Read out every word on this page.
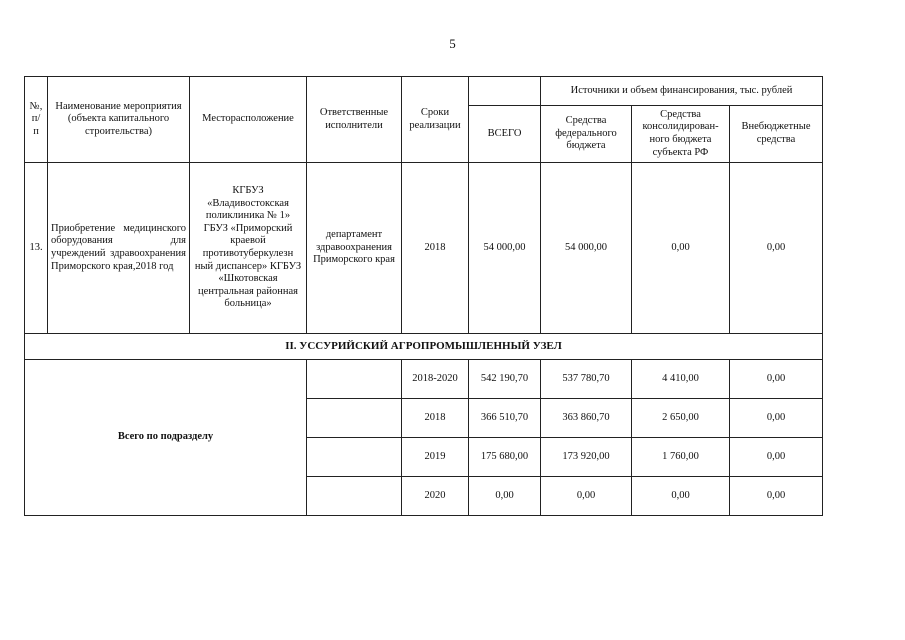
5
№,
п/
п	Наименование мероприятия (объекта капитального строительства)	Месторасположение	Ответственные исполнители	Сроки реализации		Источники и объем финансирования, тыс. рублей		
					ВСЕГО	Средства федерального бюджета	Средства консолидирован-ного бюджета субъекта РФ	Внебюджетные средства
13.	Приобретение медицинского оборудования для учреждений здравоохранения Приморского края,2018 год	КГБУЗ «Владивостокская поликлиника № 1» ГБУЗ «Приморский краевой противотуберкулезн ный диспансер» КГБУЗ «Шкотовская центральная районная больница»	департамент здравоохранения Приморского края	2018	54 000,00	54 000,00	0,00	0,00
II. УССУРИЙСКИЙ АГРОПРОМЫШЛЕННЫЙ УЗЕЛ								
Всего по подразделу				2018-2020	542 190,70	537 780,70	4 410,00	0,00
				2018	366 510,70	363 860,70	2 650,00	0,00
				2019	175 680,00	173 920,00	1 760,00	0,00
				2020	0,00	0,00	0,00	0,00
